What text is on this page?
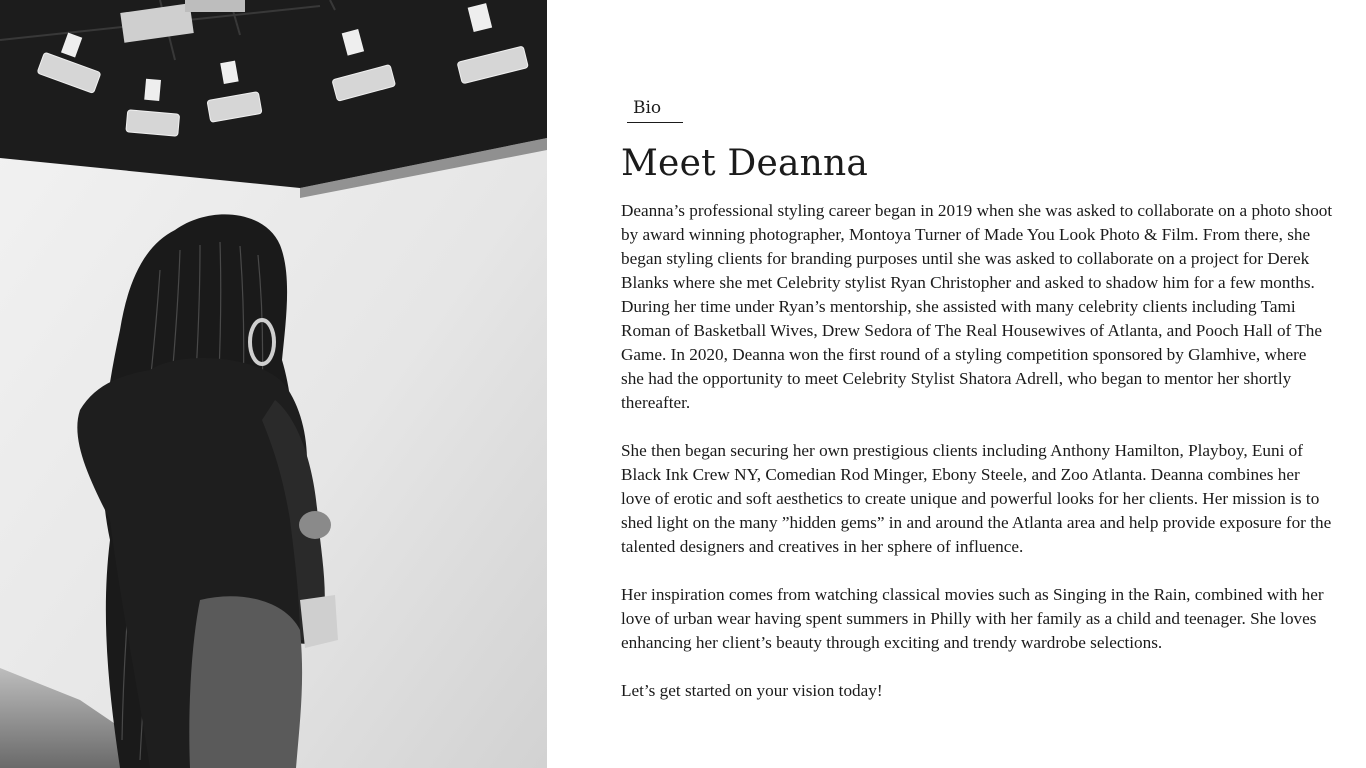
Bio
Meet Deanna

Deanna’s professional styling career began in 2019 when she was asked to collaborate on a photo shoot by award winning photographer, Montoya Turner of Made You Look Photo & Film. From there, she began styling clients for branding purposes until she was asked to collaborate on a project for Derek Blanks where she met Celebrity stylist Ryan Christopher and asked to shadow him for a few months. During her time under Ryan’s mentorship, she assisted with many celebrity clients including Tami Roman of Basketball Wives, Drew Sedora of The Real Housewives of Atlanta, and Pooch Hall of The Game. In 2020, Deanna won the first round of a styling competition sponsored by Glamhive, where she had the opportunity to meet Celebrity Stylist Shatora Adrell, who began to mentor her shortly thereafter.

She then began securing her own prestigious clients including Anthony Hamilton, Playboy, Euni of Black Ink Crew NY, Comedian Rod Minger, Ebony Steele, and Zoo Atlanta. Deanna combines her love of erotic and soft aesthetics to create unique and powerful looks for her clients. Her mission is to shed light on the many ”hidden gems” in and around the Atlanta area and help provide exposure for the talented designers and creatives in her sphere of influence.

Her inspiration comes from watching classical movies such as Singing in the Rain, combined with her love of urban wear having spent summers in Philly with her family as a child and teenager. She loves enhancing her client’s beauty through exciting and trendy wardrobe selections.

Let’s get started on your vision today!
